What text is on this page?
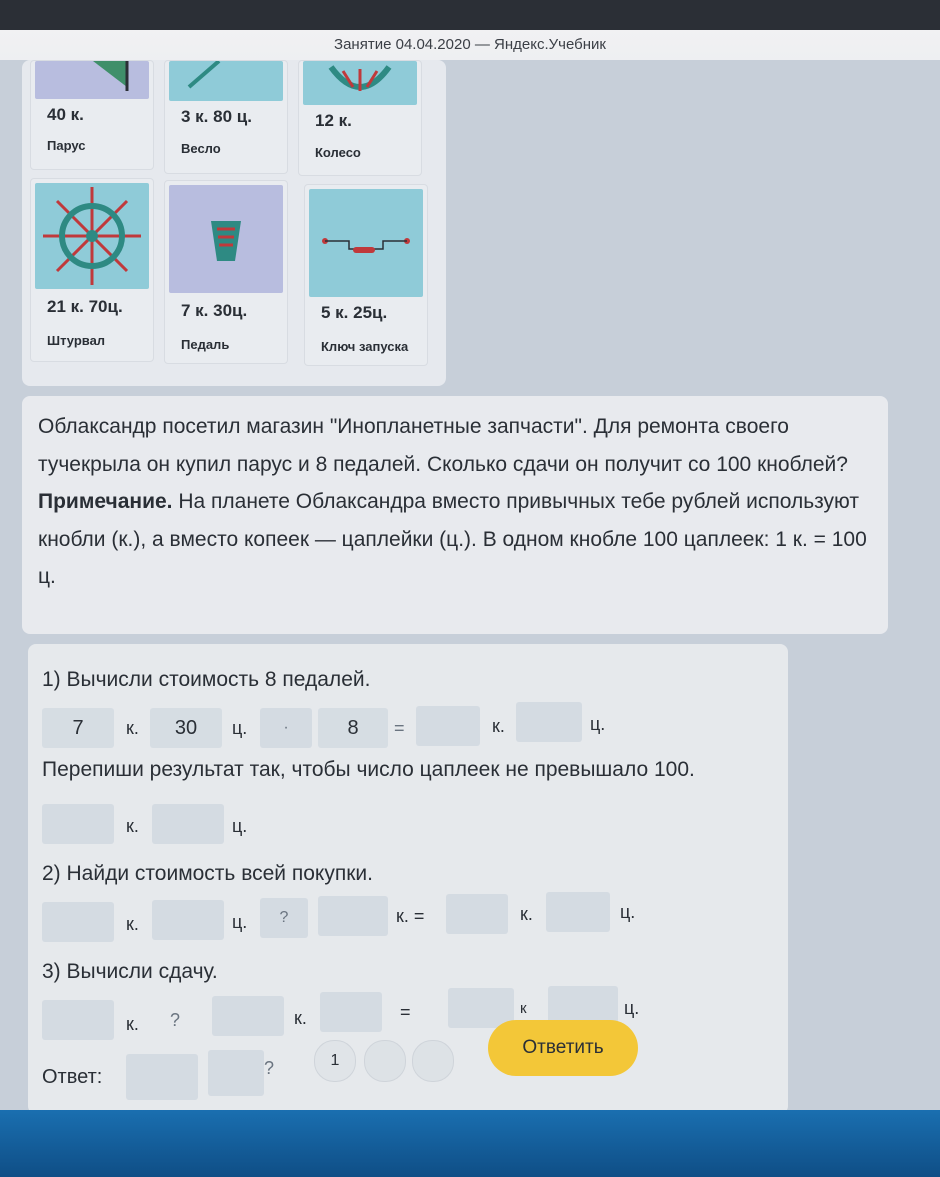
Занятие 04.04.2020 — Яндекс.Учебник
40 к.
Парус
3 к. 80 ц.
Весло
12 к.
Колесо
21 к. 70ц.
Штурвал
7 к. 30ц.
Педаль
5 к. 25ц.
Ключ запуска
Облаксандр посетил магазин "Инопланетные запчасти". Для ремонта своего тучекрыла он купил парус и 8 педалей. Сколько сдачи он получит со 100 кноблей?
Примечание. На планете Облаксандра вместо привычных тебе рублей используют кнобли (к.), а вместо копеек — цаплейки (ц.). В одном кнобле 100 цаплеек: 1 к. = 100 ц.
1) Вычисли стоимость 8 педалей.
7	к.	30	ц.	·	8	=	к.	ц.
Перепиши результат так, чтобы число цаплеек не превышало 100.
к.	ц.
2) Найди стоимость всей покупки.
к.	ц.	?	к. =	к.	ц.
3) Вычисли сдачу.
к. ?	к.	=	к	ц.
?
Ответ:
1
Ответить
